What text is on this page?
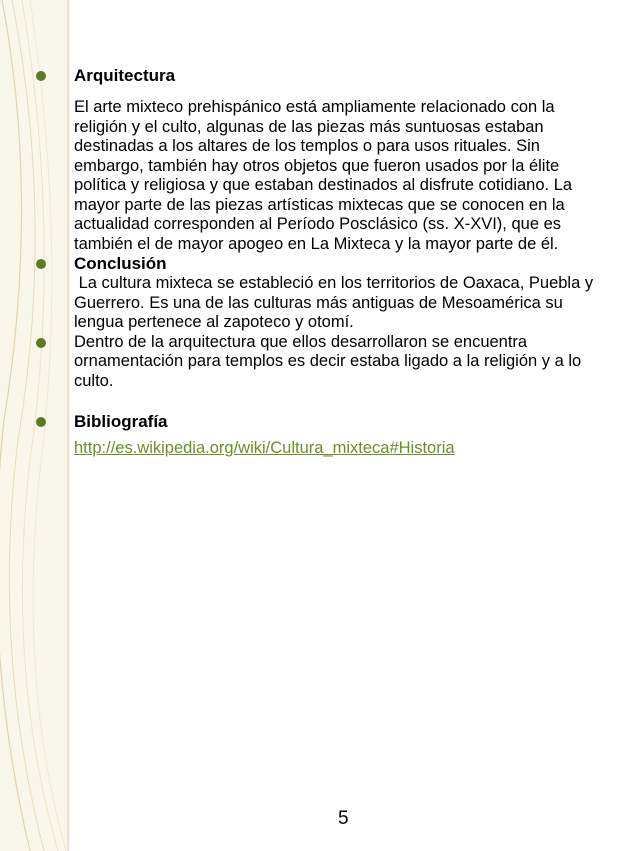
Arquitectura
El arte mixteco prehispánico está ampliamente relacionado con la religión y el culto, algunas de las piezas más suntuosas estaban destinadas a los altares de los templos o para usos rituales. Sin embargo, también hay otros objetos que fueron usados por la élite política y religiosa y que estaban destinados al disfrute cotidiano. La mayor parte de las piezas artísticas mixtecas que se conocen en la actualidad corresponden al Período Posclásico (ss. X-XVI), que es también el de mayor apogeo en La Mixteca y la mayor parte de él.
Conclusión
La cultura mixteca se estableció en los territorios de Oaxaca, Puebla y Guerrero. Es una de las culturas más antiguas de Mesoamérica su lengua pertenece al zapoteco y otomí.
Dentro de la arquitectura que ellos desarrollaron se encuentra ornamentación para templos es decir estaba ligado a la religión y a lo culto.
Bibliografía
http://es.wikipedia.org/wiki/Cultura_mixteca#Historia
5
